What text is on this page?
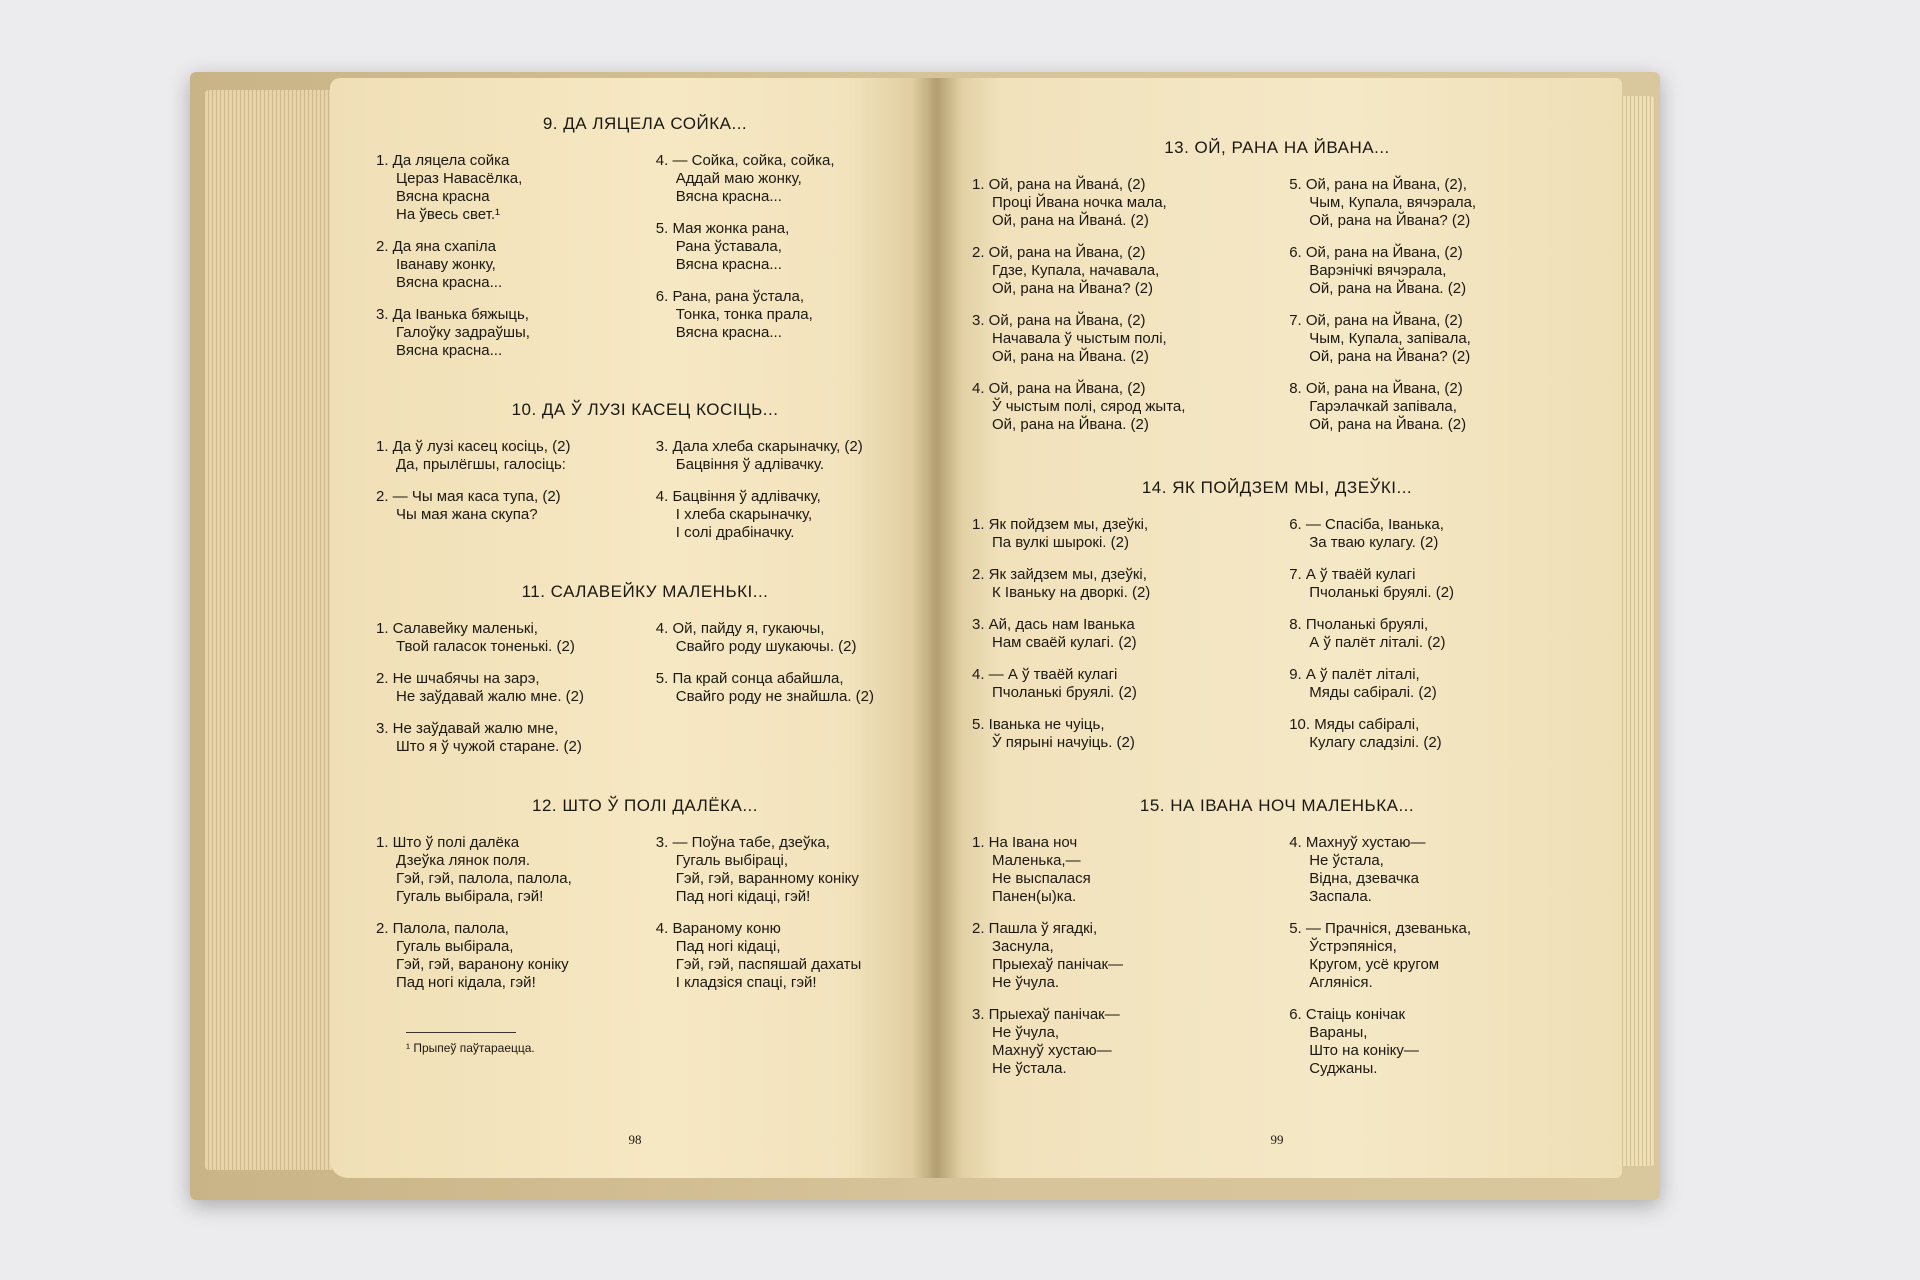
9. ДА ЛЯЦЕЛА СОЙКА...
1. Да ляцела сойка
Цераз Навасёлка,
Вясна красна
На ўвесь свет.¹
2. Да яна схапіла
Іванаву жонку,
Вясна красна...
3. Да Іванька бяжыць,
Галоўку задраўшы,
Вясна красна...
4. — Сойка, сойка, сойка,
Аддай маю жонку,
Вясна красна...
5. Мая жонка рана,
Рана ўставала,
Вясна красна...
6. Рана, рана ўстала,
Тонка, тонка прала,
Вясна красна...
10. ДА Ў ЛУЗІ КАСЕЦ КОСІЦЬ...
1. Да ў лузі касец косіць, (2)
Да, прылёгшы, галосіць:
2. — Чы мая каса тупа, (2)
Чы мая жана скупа?
3. Дала хлеба скарыначку, (2)
Бацвіння ў адлівачку.
4. Бацвіння ў адлівачку,
І хлеба скарыначку,
І солі драбіначку.
11. САЛАВЕЙКУ МАЛЕНЬКІ...
1. Салавейку маленькі,
Твой галасок тоненькі. (2)
2. Не шчабячы на зарэ,
Не заўдавай жалю мне. (2)
3. Не заўдавай жалю мне,
Што я ў чужой старане. (2)
4. Ой, пайду я, гукаючы,
Свайго роду шукаючы. (2)
5. Па край сонца абайшла,
Свайго роду не знайшла. (2)
12. ШТО Ў ПОЛІ ДАЛЁКА...
1. Што ў полі далёка
Дзеўка лянок поля.
Гэй, гэй, палола, палола,
Гугаль выбірала, гэй!
2. Палола, палола,
Гугаль выбірала,
Гэй, гэй, варанону коніку
Пад ногі кідала, гэй!
3. — Поўна табе, дзеўка,
Гугаль выбіраці,
Гэй, гэй, варанному коніку
Пад ногі кідаці, гэй!
4. Вараному коню
Пад ногі кідаці,
Гэй, гэй, паспяшай дахаты
І кладзіся спаці, гэй!
¹ Прыпеў паўтараецца.
98
13. ОЙ, РАНА НА ЙВАНА...
1. Ой, рана на Йвана́, (2)
Процi Йвана ночка мала,
Ой, рана на Йвана́. (2)
2. Ой, рана на Йвана, (2)
Гдзе, Купала, начавала,
Ой, рана на Йвана? (2)
3. Ой, рана на Йвана, (2)
Начавала ў чыстым полі,
Ой, рана на Йвана. (2)
4. Ой, рана на Йвана, (2)
Ў чыстым полі, сярод жыта,
Ой, рана на Йвана. (2)
5. Ой, рана на Йвана, (2),
Чым, Купала, вячэрала,
Ой, рана на Йвана? (2)
6. Ой, рана на Йвана, (2)
Варэнічкі вячэрала,
Ой, рана на Йвана. (2)
7. Ой, рана на Йвана, (2)
Чым, Купала, запівала,
Ой, рана на Йвана? (2)
8. Ой, рана на Йвана, (2)
Гарэлачкай запівала,
Ой, рана на Йвана. (2)
14. ЯК ПОЙДЗЕМ МЫ, ДЗЕЎКІ...
1. Як пойдзем мы, дзеўкі,
Па вулкі шырокі. (2)
2. Як зайдзем мы, дзеўкі,
К Іваньку на дворкі. (2)
3. Ай, дась нам Іванька
Нам сваёй кулагі. (2)
4. — А ў тваёй кулагі
Пчоланькі бруялі. (2)
5. Іванька не чуіць,
Ў пярыні начуіць. (2)
6. — Спасіба, Іванька,
За тваю кулагу. (2)
7. А ў тваёй кулагі
Пчоланькі бруялі. (2)
8. Пчоланькі бруялі,
А ў палёт літалі. (2)
9. А ў палёт літалі,
Мяды сабіралі. (2)
10. Мяды сабіралі,
Кулагу сладзілі. (2)
15. НА ІВАНА НОЧ МАЛЕНЬКА...
1. На Івана ноч
Маленька,—
Не выспалася
Панен(ы)ка.
2. Пашла ў ягадкі,
Заснула,
Прыехаў панічак—
Не ўчула.
3. Прыехаў панічак—
Не ўчула,
Махнуў хустаю—
Не ўстала.
4. Махнуў хустаю—
Не ўстала,
Відна, дзевачка
Заспала.
5. — Прачніся, дзеванька,
Ўстрэпяніся,
Кругом, усё кругом
Агляніся.
6. Стаіць конічак
Вараны,
Што на коніку—
Суджаны.
99
